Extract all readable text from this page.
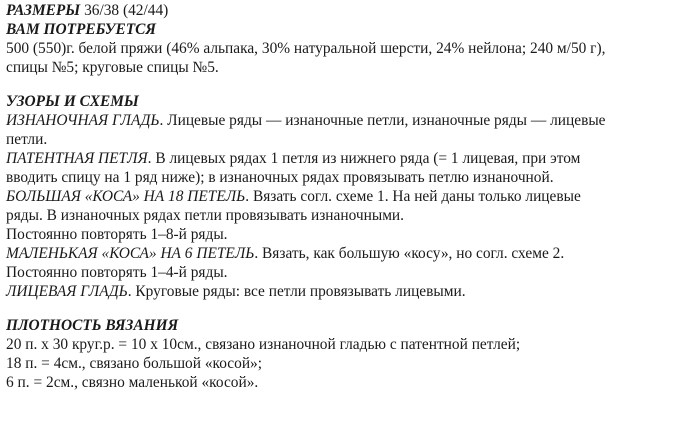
РАЗМЕРЫ 36/38 (42/44)
ВАМ ПОТРЕБУЕТСЯ
500 (550)г. белой пряжи (46% альпака, 30% натуральной шерсти, 24% нейлона; 240 м/50 г),
спицы №5; круговые спицы №5.
УЗОРЫ И СХЕМЫ
ИЗНАНОЧНАЯ ГЛАДЬ. Лицевые ряды — изнаночные петли, изнаночные ряды — лицевые
петли.
ПАТЕНТНАЯ ПЕТЛЯ. В лицевых рядах 1 петля из нижнего ряда (= 1 лицевая, при этом
вводить спицу на 1 ряд ниже); в изнаночных рядах провязывать петлю изнаночной.
БОЛЬШАЯ «КОСА» НА 18 ПЕТЕЛЬ. Вязать согл. схеме 1. На ней даны только лицевые
ряды. В изнаночных рядах петли провязывать изнаночными.
Постоянно повторять 1–8-й ряды.
МАЛЕНЬКАЯ «КОСА» НА 6 ПЕТЕЛЬ. Вязать, как большую «косу», но согл. схеме 2.
Постоянно повторять 1–4-й ряды.
ЛИЦЕВАЯ ГЛАДЬ. Круговые ряды: все петли провязывать лицевыми.
ПЛОТНОСТЬ ВЯЗАНИЯ
20 п. х 30 круг.р. = 10 х 10см., связано изнаночной гладью с патентной петлей;
18 п. = 4см., связано большой «косой»;
6 п. = 2см., связно маленькой «косой».
